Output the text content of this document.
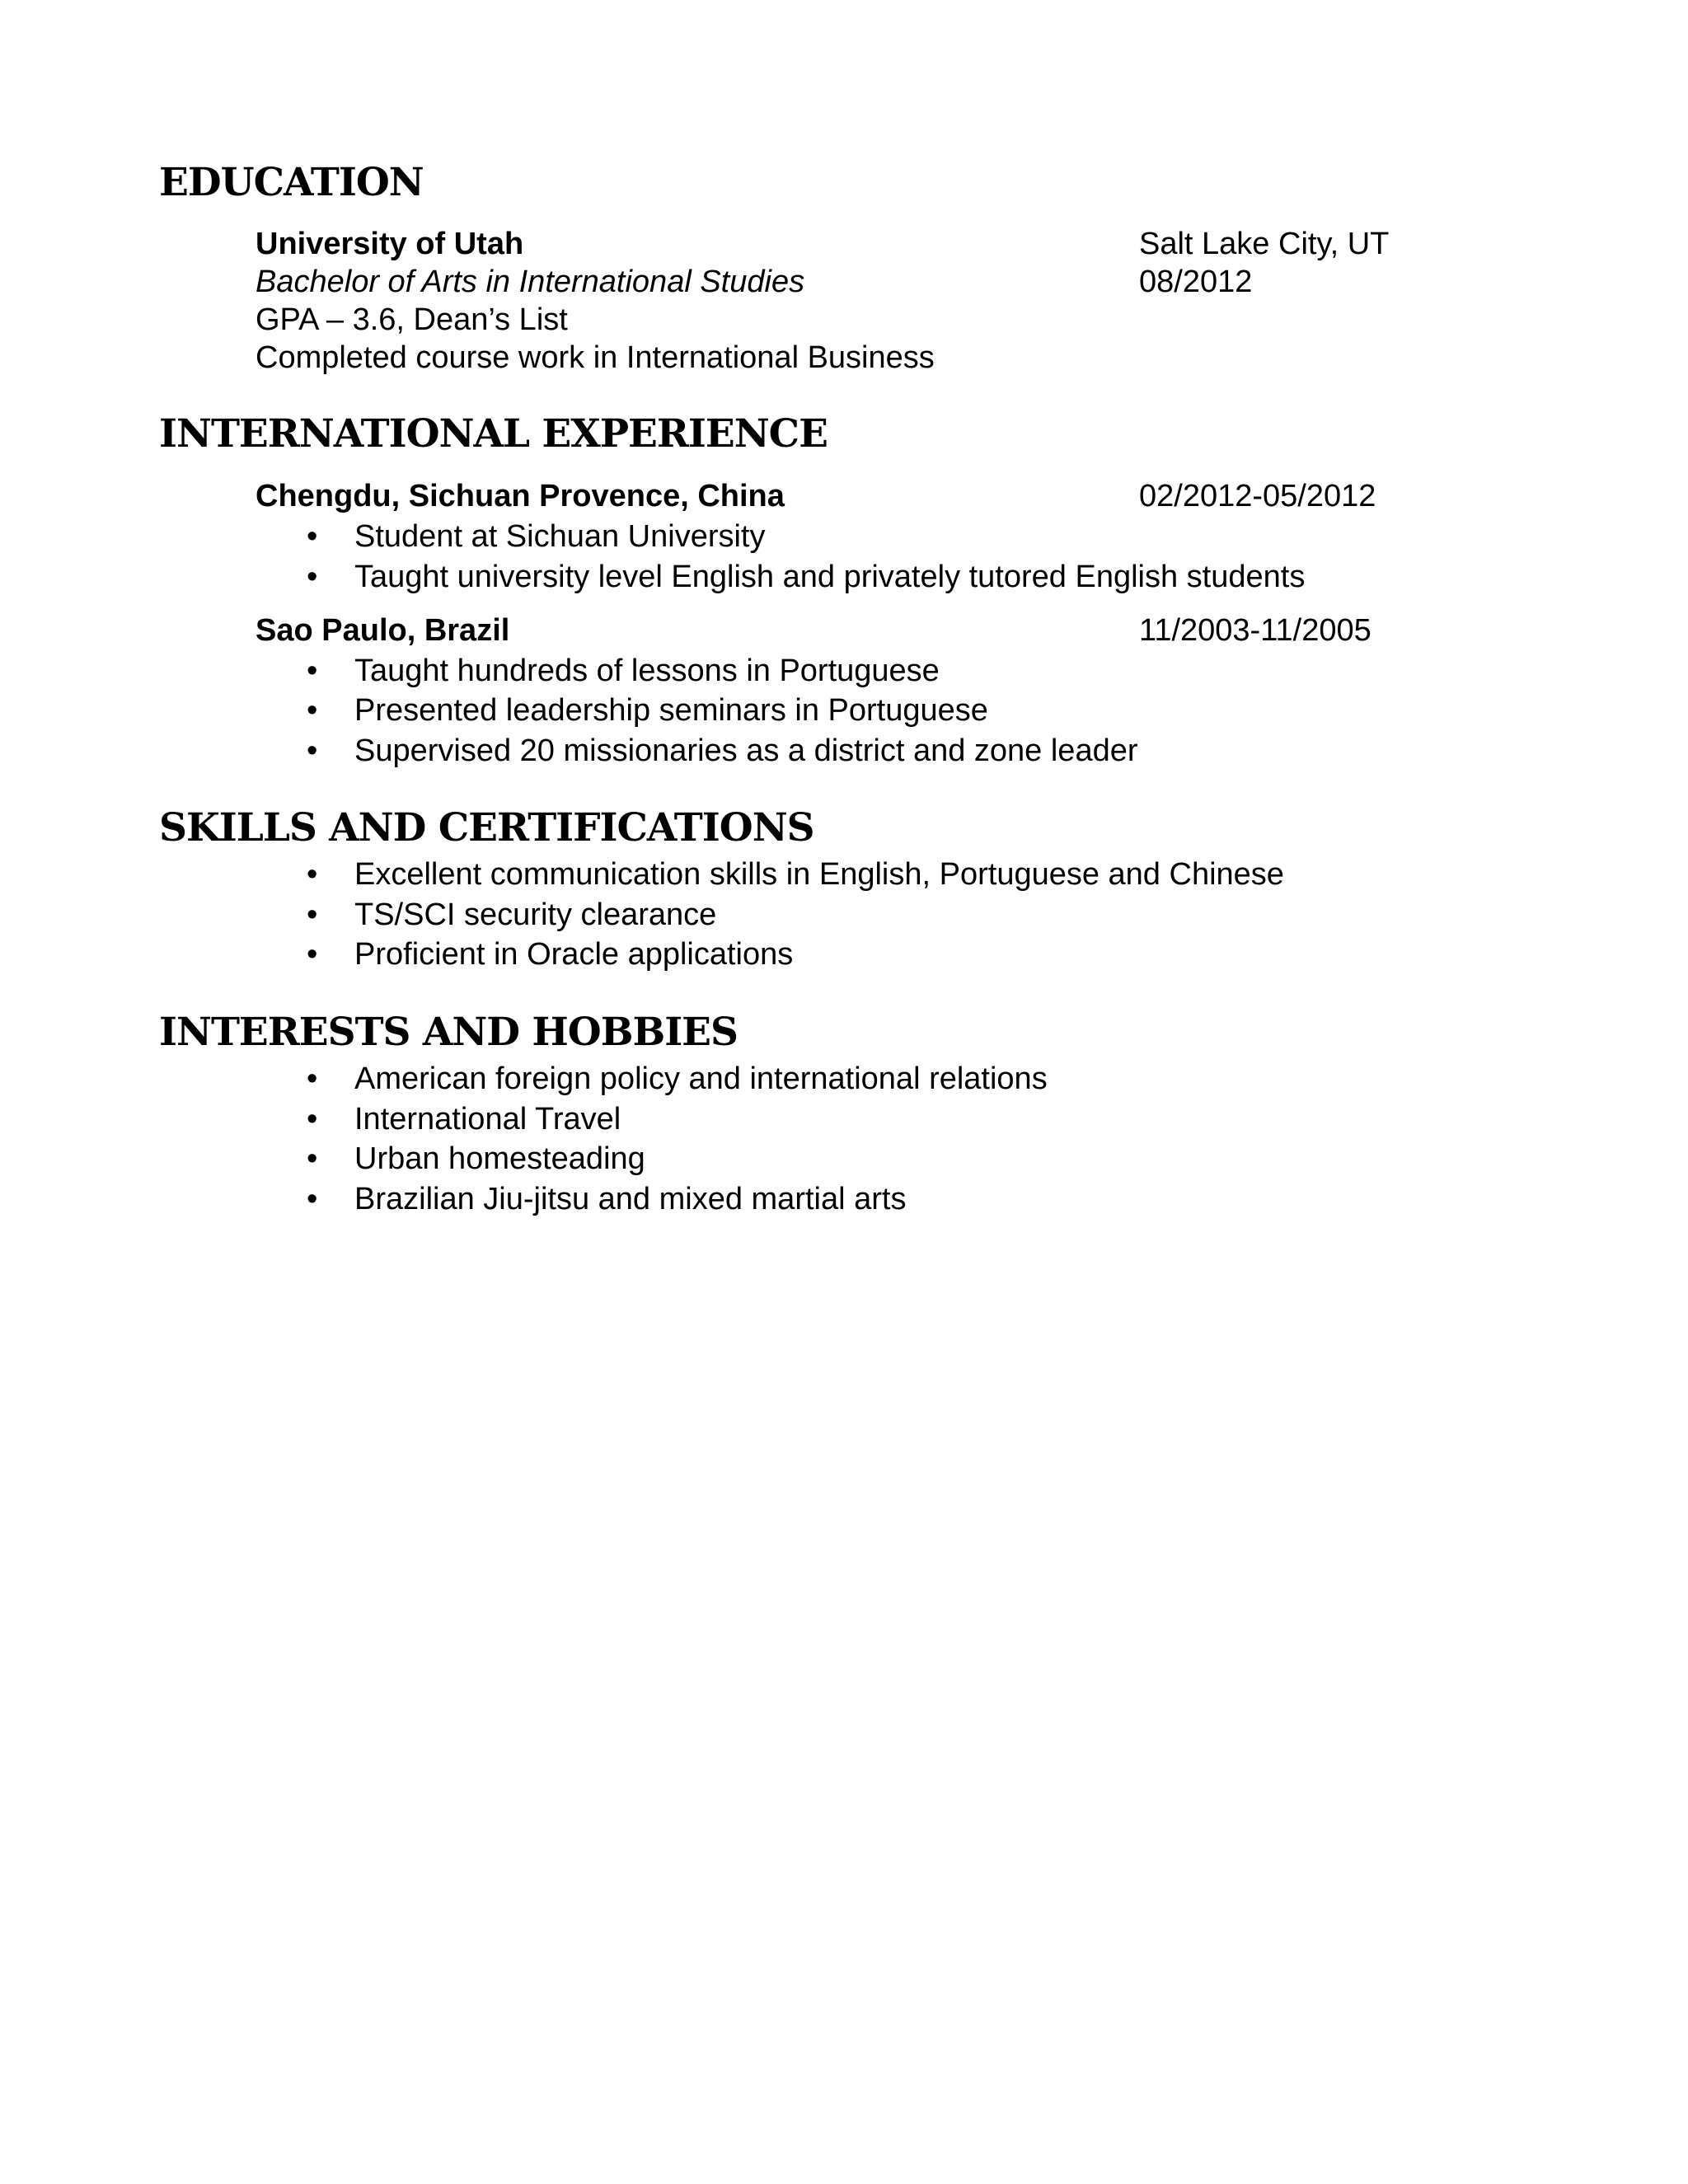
EDUCATION

University of Utah	Salt Lake City, UT

Bachelor of Arts in International Studies	08/2012

GPA – 3.6, Dean’s List

Completed course work in International Business

INTERNATIONAL EXPERIENCE

Chengdu, Sichuan Provence, China	02/2012-05/2012

•	Student at Sichuan University
•	Taught university level English and privately tutored English students

Sao Paulo, Brazil	11/2003-11/2005

•	Taught hundreds of lessons in Portuguese
•	Presented leadership seminars in Portuguese
•	Supervised 20 missionaries as a district and zone leader
SKILLS AND CERTIFICATIONS
•	Excellent communication skills in English, Portuguese and Chinese
•	TS/SCI security clearance
•	Proficient in Oracle applications
INTERESTS AND HOBBIES
•	American foreign policy and international relations
•	International Travel
•	Urban homesteading
•	Brazilian Jiu-jitsu and mixed martial arts
